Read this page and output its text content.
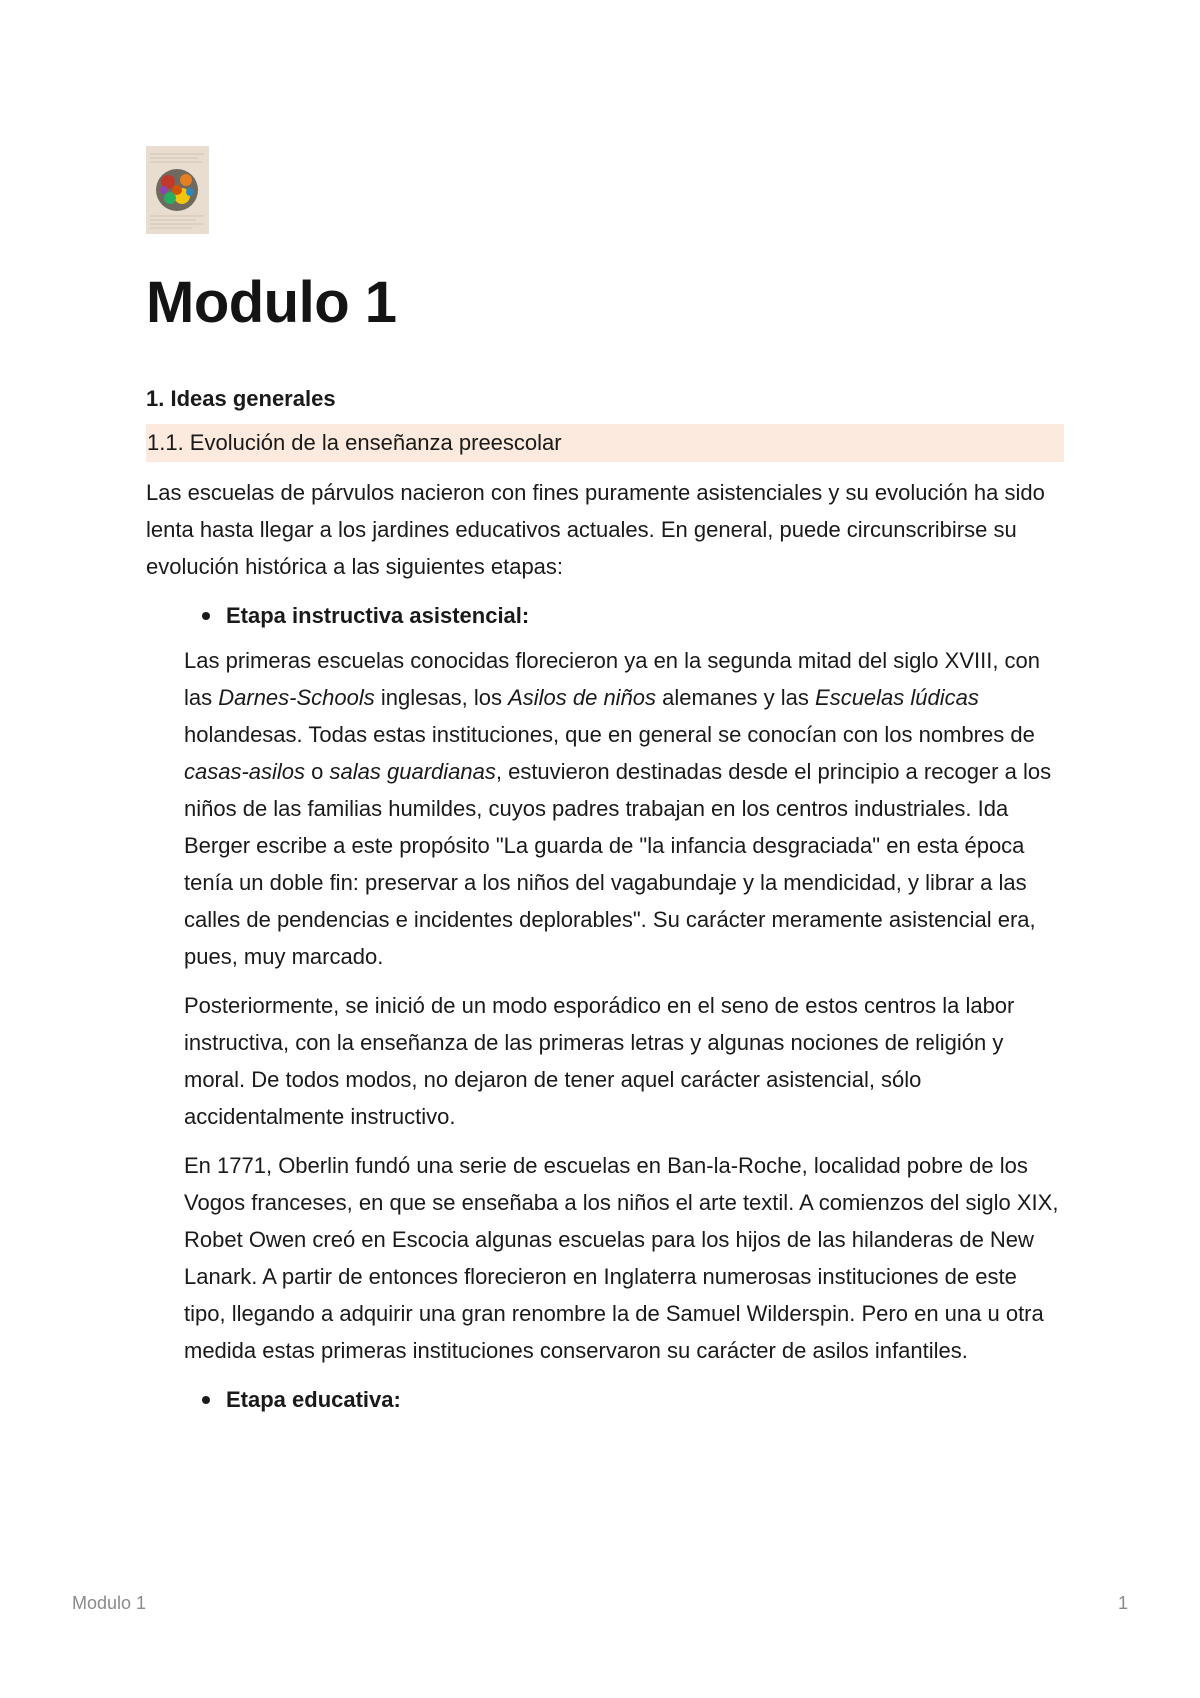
Modulo 1
1. Ideas generales
1.1. Evolución de la enseñanza preescolar

Las escuelas de párvulos nacieron con fines puramente asistenciales y su evolución ha sido lenta hasta llegar a los jardines educativos actuales. En general, puede circunscribirse su evolución histórica a las siguientes etapas:

Etapa instructiva asistencial:

Las primeras escuelas conocidas florecieron ya en la segunda mitad del siglo XVIII, con las Darnes-Schools inglesas, los Asilos de niños alemanes y las Escuelas lúdicas holandesas. Todas estas instituciones, que en general se conocían con los nombres de casas-asilos o salas guardianas, estuvieron destinadas desde el principio a recoger a los niños de las familias humildes, cuyos padres trabajan en los centros industriales. Ida Berger escribe a este propósito "La guarda de "la infancia desgraciada" en esta época tenía un doble fin: preservar a los niños del vagabundaje y la mendicidad, y librar a las calles de pendencias e incidentes deplorables". Su carácter meramente asistencial era, pues, muy marcado.

Posteriormente, se inició de un modo esporádico en el seno de estos centros la labor instructiva, con la enseñanza de las primeras letras y algunas nociones de religión y moral. De todos modos, no dejaron de tener aquel carácter asistencial, sólo accidentalmente instructivo.

En 1771, Oberlin fundó una serie de escuelas en Ban-la-Roche, localidad pobre de los Vogos franceses, en que se enseñaba a los niños el arte textil. A comienzos del siglo XIX, Robet Owen creó en Escocia algunas escuelas para los hijos de las hilanderas de New Lanark. A partir de entonces florecieron en Inglaterra numerosas instituciones de este tipo, llegando a adquirir una gran renombre la de Samuel Wilderspin. Pero en una u otra medida estas primeras instituciones conservaron su carácter de asilos infantiles.

Etapa educativa:
Modulo 1	1
